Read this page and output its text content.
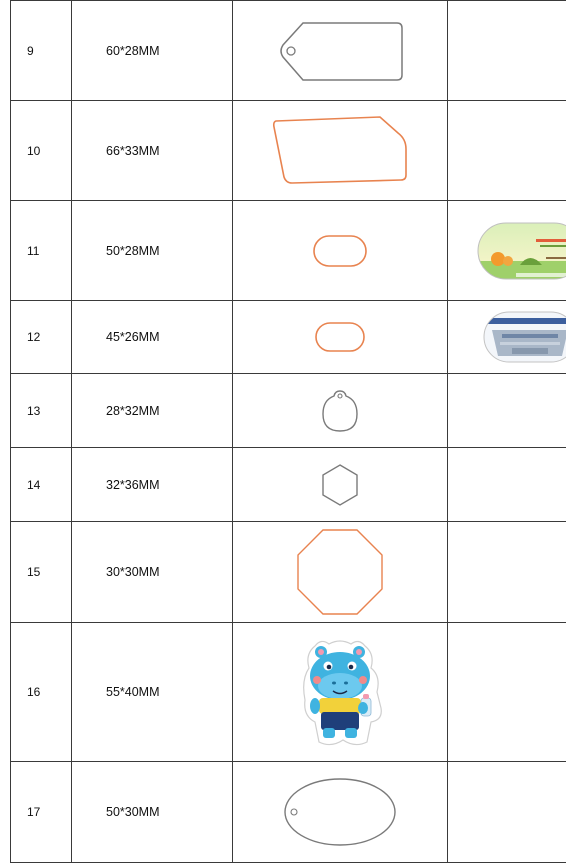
9	60*28MM	

10	66*33MM	

11	50*28MM	

12	45*26MM	

13	28*32MM	

14	32*36MM	

15	30*30MM	

16	55*40MM	

17	50*30MM	
